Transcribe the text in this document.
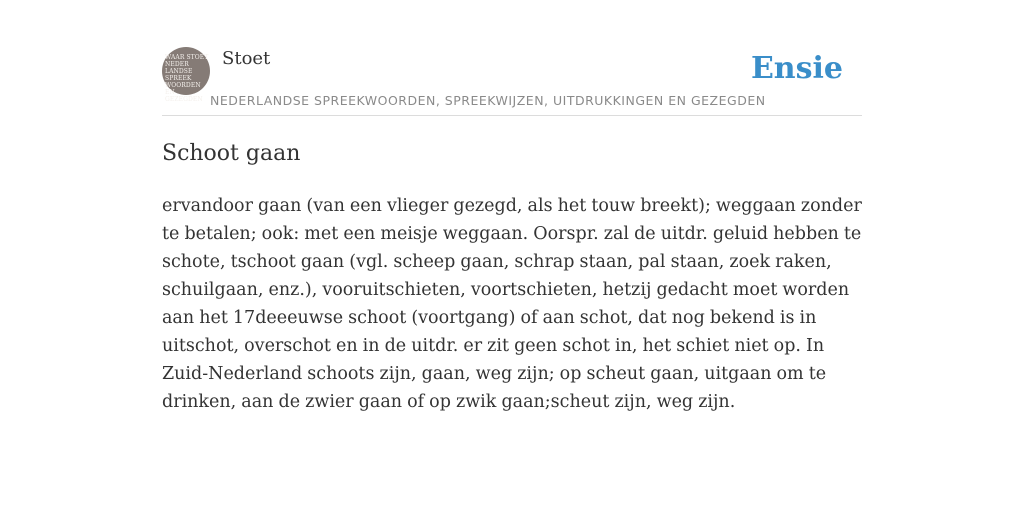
WAAR STOET
NEDER
LANDSE
SPREEK
WOORDEN EN
GEZEGDEN
Stoet
NEDERLANDSE SPREEKWOORDEN, SPREEKWIJZEN, UITDRUKKINGEN EN GEZEGDEN
Ensie
Schoot gaan

ervandoor gaan (van een vlieger gezegd, als het touw breekt); weggaan zonder te betalen; ook: met een meisje weggaan. Oorspr. zal de uitdr. geluid hebben te schote, tschoot gaan (vgl. scheep gaan, schrap staan, pal staan, zoek raken, schuilgaan, enz.), vooruitschieten, voortschieten, hetzij gedacht moet worden aan het 17deeeuwse schoot (voortgang) of aan schot, dat nog bekend is in uitschot, overschot en in de uitdr. er zit geen schot in, het schiet niet op. In Zuid-Nederland schoots zijn, gaan, weg zijn; op scheut gaan, uitgaan om te drinken, aan de zwier gaan of op zwik gaan;scheut zijn, weg zijn.
